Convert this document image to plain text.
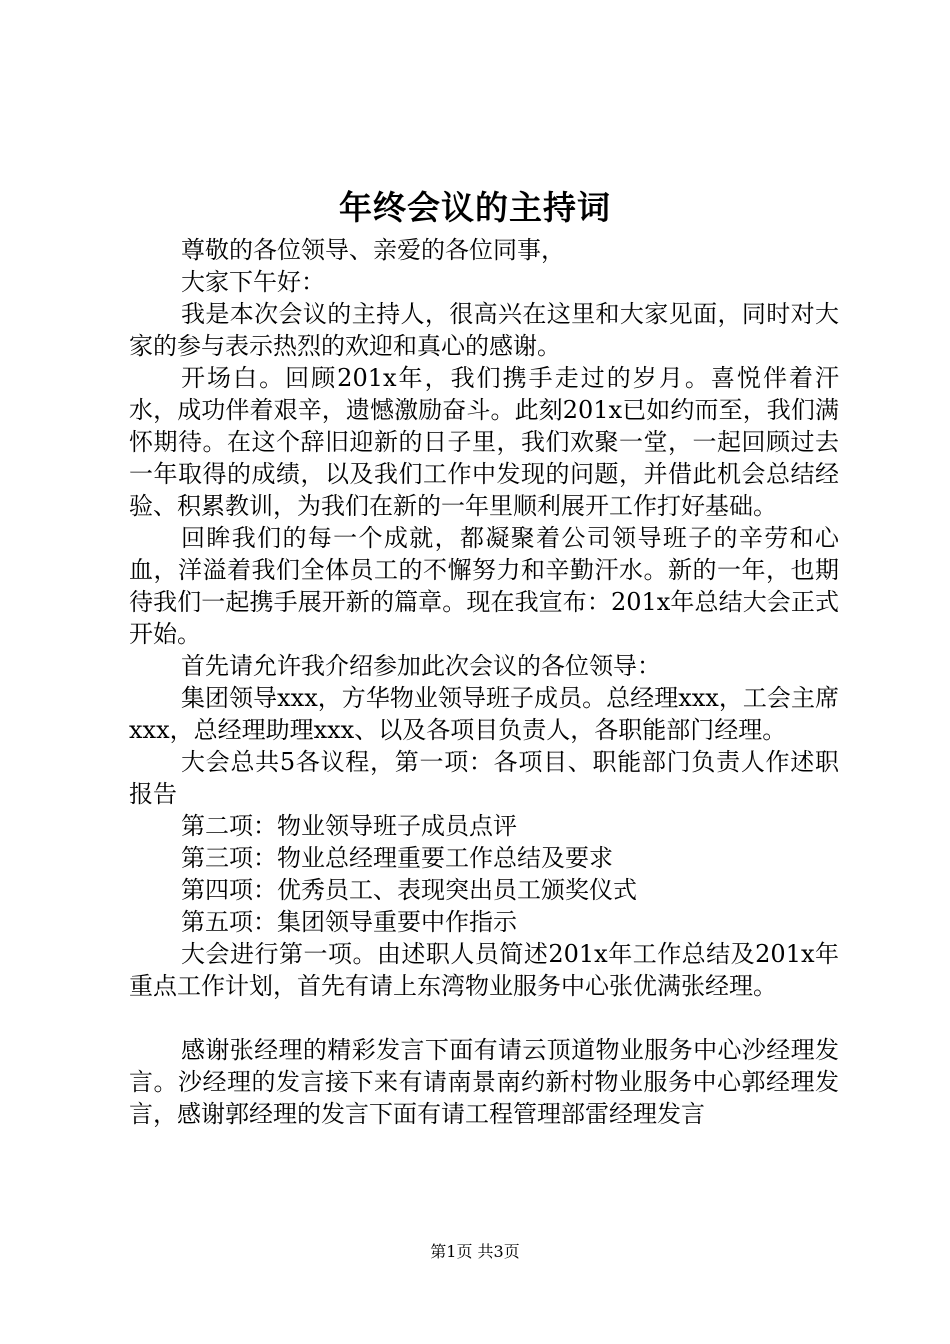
年终会议的主持词

尊敬的各位领导、亲爱的各位同事，

大家下午好：

我是本次会议的主持人，很高兴在这里和大家见面，同时对大家的参与表示热烈的欢迎和真心的感谢。

开场白。回顾201x年，我们携手走过的岁月。喜悦伴着汗水，成功伴着艰辛，遗憾激励奋斗。此刻201x已如约而至，我们满怀期待。在这个辞旧迎新的日子里，我们欢聚一堂，一起回顾过去一年取得的成绩，以及我们工作中发现的问题，并借此机会总结经验、积累教训，为我们在新的一年里顺利展开工作打好基础。

回眸我们的每一个成就，都凝聚着公司领导班子的辛劳和心血，洋溢着我们全体员工的不懈努力和辛勤汗水。新的一年，也期待我们一起携手展开新的篇章。现在我宣布：201x年总结大会正式开始。

首先请允许我介绍参加此次会议的各位领导：

集团领导xxx，方华物业领导班子成员。总经理xxx，工会主席xxx，总经理助理xxx、以及各项目负责人，各职能部门经理。

大会总共5各议程，第一项：各项目、职能部门负责人作述职报告

第二项：物业领导班子成员点评

第三项：物业总经理重要工作总结及要求

第四项：优秀员工、表现突出员工颁奖仪式

第五项：集团领导重要中作指示

大会进行第一项。由述职人员简述201x年工作总结及201x年重点工作计划，首先有请上东湾物业服务中心张优满张经理。

感谢张经理的精彩发言下面有请云顶道物业服务中心沙经理发言。沙经理的发言接下来有请南景南约新村物业服务中心郭经理发言，感谢郭经理的发言下面有请工程管理部雷经理发言

第1页 共3页
